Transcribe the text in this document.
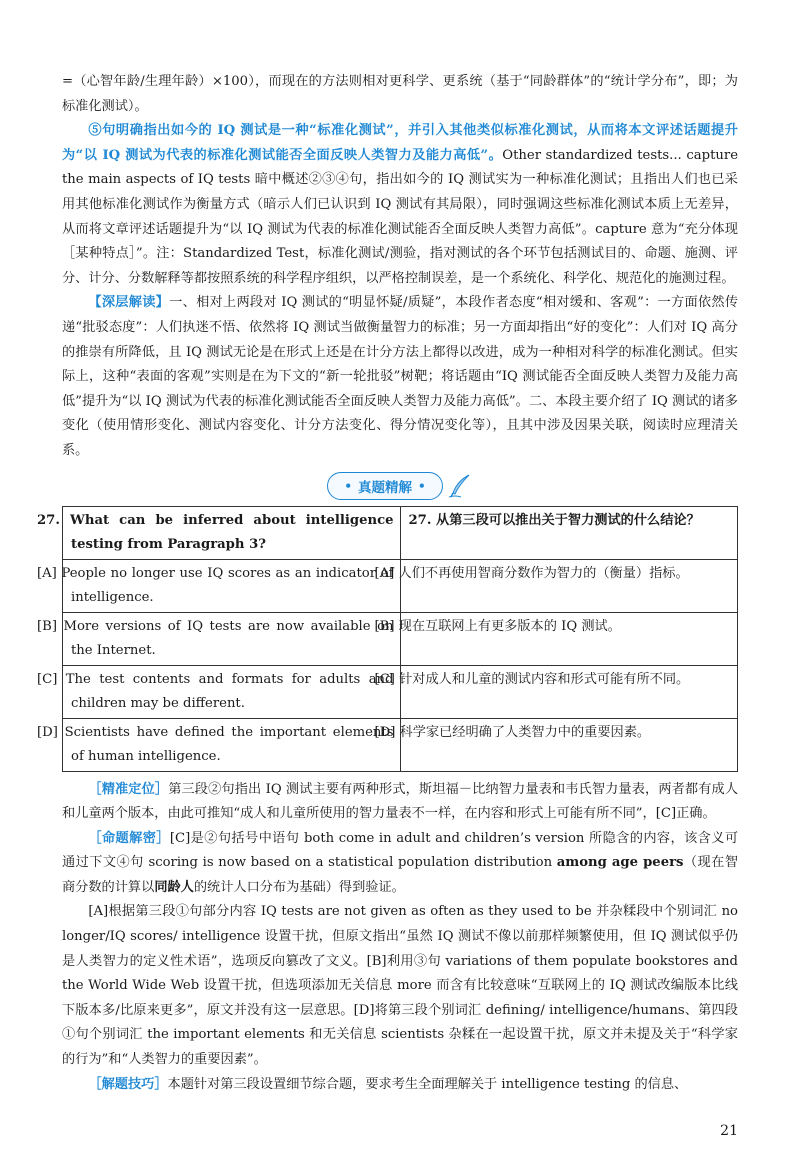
=（心智年龄/生理年龄）×100），而现在的方法则相对更科学、更系统（基于“同龄群体”的“统计学分布”，即；为标准化测试）。

⑤句明确指出如今的 IQ 测试是一种“标准化测试”，并引入其他类似标准化测试，从而将本文评述话题提升为“以 IQ 测试为代表的标准化测试能否全面反映人类智力及能力高低”。Other standardized tests... capture the main aspects of IQ tests 暗中概述②③④句，指出如今的 IQ 测试实为一种标准化测试；且指出人们也已采用其他标准化测试作为衡量方式（暗示人们已认识到 IQ 测试有其局限），同时强调这些标准化测试本质上无差异，从而将文章评述话题提升为“以 IQ 测试为代表的标准化测试能否全面反映人类智力高低”。capture 意为“充分体现［某种特点］”。注：Standardized Test，标准化测试/测验，指对测试的各个环节包括测试目的、命题、施测、评分、计分、分数解释等都按照系统的科学程序组织，以严格控制误差，是一个系统化、科学化、规范化的施测过程。

【深层解读】一、相对上两段对 IQ 测试的“明显怀疑/质疑”，本段作者态度“相对缓和、客观”：一方面依然传递“批驳态度”：人们执迷不悟、依然将 IQ 测试当做衡量智力的标准；另一方面却指出“好的变化”：人们对 IQ 高分的推崇有所降低，且 IQ 测试无论是在形式上还是在计分方法上都得以改进，成为一种相对科学的标准化测试。但实际上，这种“表面的客观”实则是在为下文的“新一轮批驳”树靶；将话题由“IQ 测试能否全面反映人类智力及能力高低”提升为“以 IQ 测试为代表的标准化测试能否全面反映人类智力及能力高低”。二、本段主要介绍了 IQ 测试的诸多变化（使用情形变化、测试内容变化、计分方法变化、得分情况变化等），且其中涉及因果关联，阅读时应理清关系。

• 真题精解 •
27. What can be inferred about intelligence testing from Paragraph 3?	27. 从第三段可以推出关于智力测试的什么结论？
[A] People no longer use IQ scores as an indicator of intelligence.	[A] 人们不再使用智商分数作为智力的（衡量）指标。
[B] More versions of IQ tests are now available on the Internet.	[B] 现在互联网上有更多版本的 IQ 测试。
[C] The test contents and formats for adults and children may be different.	[C] 针对成人和儿童的测试内容和形式可能有所不同。
[D] Scientists have defined the important elements of human intelligence.	[D] 科学家已经明确了人类智力中的重要因素。

［精准定位］第三段②句指出 IQ 测试主要有两种形式，斯坦福－比纳智力量表和韦氏智力量表，两者都有成人和儿童两个版本，由此可推知“成人和儿童所使用的智力量表不一样，在内容和形式上可能有所不同”，[C]正确。

［命题解密］[C]是②句括号中语句 both come in adult and children’s version 所隐含的内容，该含义可通过下文④句 scoring is now based on a statistical population distribution among age peers（现在智商分数的计算以同龄人的统计人口分布为基础）得到验证。

[A]根据第三段①句部分内容 IQ tests are not given as often as they used to be 并杂糅段中个别词汇 no longer/IQ scores/ intelligence 设置干扰，但原文指出“虽然 IQ 测试不像以前那样频繁使用，但 IQ 测试似乎仍是人类智力的定义性术语”，选项反向篡改了文义。[B]利用③句 variations of them populate bookstores and the World Wide Web 设置干扰，但选项添加无关信息 more 而含有比较意味“互联网上的 IQ 测试改编版本比线下版本多/比原来更多”，原文并没有这一层意思。[D]将第三段个别词汇 defining/ intelligence/humans、第四段①句个别词汇 the important elements 和无关信息 scientists 杂糅在一起设置干扰，原文并未提及关于“科学家的行为”和“人类智力的重要因素”。

［解题技巧］本题针对第三段设置细节综合题，要求考生全面理解关于 intelligence testing 的信息、

21
